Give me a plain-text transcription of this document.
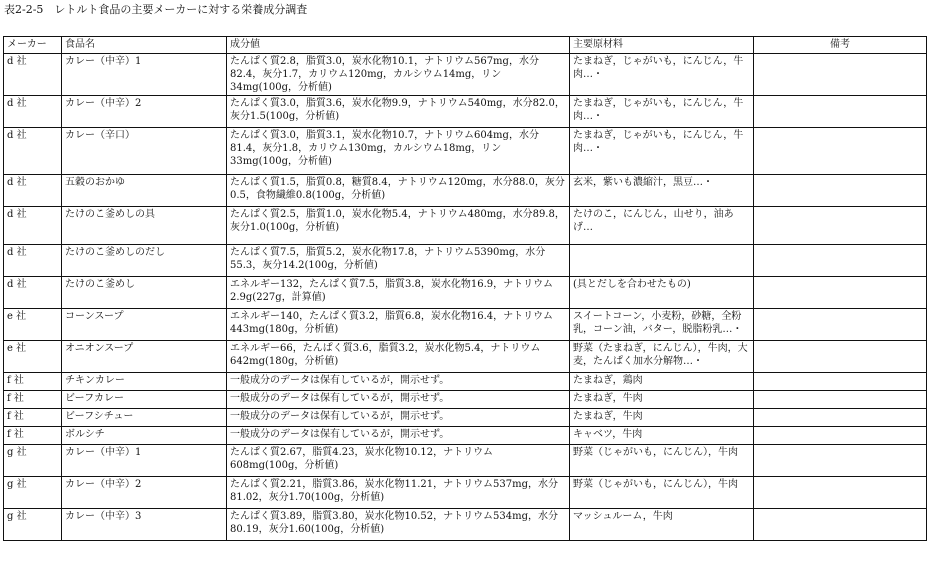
表2-2-5　レトルト食品の主要メーカーに対する栄養成分調査
メーカー	食品名	成分値	主要原材料	備考
d 社	カレー（中辛）1	たんぱく質2.8，脂質3.0，炭水化物10.1，ナトリウム567mg，水分82.4，灰分1.7，カリウム120mg，カルシウム14mg，リン34mg(100g，分析値)	たまねぎ，じゃがいも，にんじん，牛肉…・	
d 社	カレー（中辛）2	たんぱく質3.0，脂質3.6，炭水化物9.9，ナトリウム540mg，水分82.0，灰分1.5(100g，分析値)	たまねぎ，じゃがいも，にんじん，牛肉…・	
d 社	カレー（辛口）	たんぱく質3.0，脂質3.1，炭水化物10.7，ナトリウム604mg，水分81.4，灰分1.8，カリウム130mg，カルシウム18mg，リン33mg(100g，分析値)	たまねぎ，じゃがいも，にんじん，牛肉…・	
d 社	五穀のおかゆ	たんぱく質1.5，脂質0.8，糖質8.4，ナトリウム120mg，水分88.0，灰分0.5，食物繊維0.8(100g，分析値)	玄米，紫いも濃縮汁，黒豆…・	
d 社	たけのこ釜めしの具	たんぱく質2.5，脂質1.0，炭水化物5.4，ナトリウム480mg，水分89.8，灰分1.0(100g，分析値)	たけのこ，にんじん，山せり，油あげ…	
d 社	たけのこ釜めしのだし	たんぱく質7.5，脂質5.2，炭水化物17.8，ナトリウム5390mg，水分55.3，灰分14.2(100g，分析値)		
d 社	たけのこ釜めし	エネルギー132，たんぱく質7.5，脂質3.8，炭水化物16.9，ナトリウム2.9g(227g，計算値)	(具とだしを合わせたもの)	
e 社	コーンスープ	エネルギー140，たんぱく質3.2，脂質6.8，炭水化物16.4，ナトリウム443mg(180g，分析値)	スイートコーン，小麦粉，砂糖，全粉乳，コーン油，バター，脱脂粉乳…・	
e 社	オニオンスープ	エネルギー66，たんぱく質3.6，脂質3.2，炭水化物5.4，ナトリウム642mg(180g，分析値)	野菜（たまねぎ，にんじん），牛肉，大麦，たんぱく加水分解物…・	
f 社	チキンカレー	一般成分のデータは保有しているが，開示せず。	たまねぎ，鶏肉	
f 社	ビーフカレー	一般成分のデータは保有しているが，開示せず。	たまねぎ，牛肉	
f 社	ビーフシチュー	一般成分のデータは保有しているが，開示せず。	たまねぎ，牛肉	
f 社	ボルシチ	一般成分のデータは保有しているが，開示せず。	キャベツ，牛肉	
g 社	カレー（中辛）1	たんぱく質2.67，脂質4.23，炭水化物10.12，ナトリウム608mg(100g，分析値)	野菜（じゃがいも，にんじん），牛肉	
g 社	カレー（中辛）2	たんぱく質2.21，脂質3.86，炭水化物11.21，ナトリウム537mg，水分81.02，灰分1.70(100g，分析値)	野菜（じゃがいも，にんじん），牛肉	
g 社	カレー（中辛）3	たんぱく質3.89，脂質3.80，炭水化物10.52，ナトリウム534mg，水分80.19，灰分1.60(100g，分析値)	マッシュルーム，牛肉	
